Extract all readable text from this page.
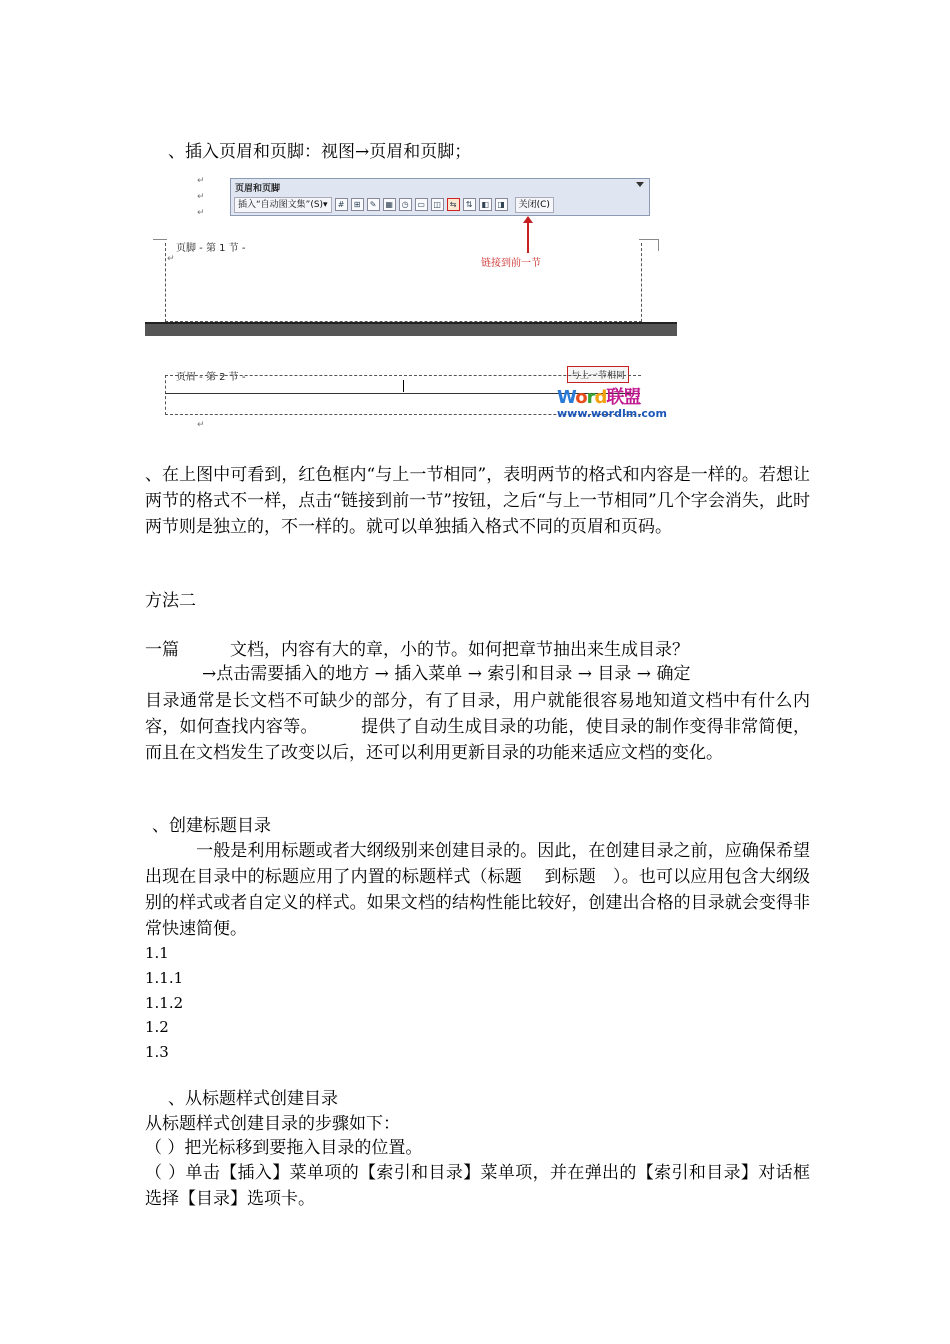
、插入页眉和页脚：视图→页眉和页脚；
↵
↵
↵
页眉和页脚
插入“自动图文集”(S)▾	#	⊞	✎	▦	◷	▭	◫	⇆	⇅	◧	◨	关闭(C)
链接到前一节
页脚 - 第 1 节 -
↵
页眉 - 第 2 节 -	与上一节相同
↵
Word联盟
www.wordlm.com
、在上图中可看到，红色框内“与上一节相同”，表明两节的格式和内容是一样的。若想让两节的格式不一样，点击“链接到前一节”按钮，之后“与上一节相同”几个字会消失，此时两节则是独立的，不一样的。就可以单独插入格式不同的页眉和页码。
方法二
一篇　　　文档，内容有大的章，小的节。如何把章节抽出来生成目录？
　　→点击需要插入的地方 → 插入菜单 → 索引和目录 → 目录 → 确定
目录通常是长文档不可缺少的部分，有了目录，用户就能很容易地知道文档中有什么内容，如何查找内容等。　　　提供了自动生成目录的功能，使目录的制作变得非常简便，而且在文档发生了改变以后，还可以利用更新目录的功能来适应文档的变化。
、创建标题目录
　　　一般是利用标题或者大纲级别来创建目录的。因此，在创建目录之前，应确保希望出现在目录中的标题应用了内置的标题样式（标题　 到标题　）。也可以应用包含大纲级别的样式或者自定义的样式。如果文档的结构性能比较好，创建出合格的目录就会变得非常快速简便。
1.1
1.1.1
1.1.2
1.2
1.3
、从标题样式创建目录
从标题样式创建目录的步骤如下：
（ ）把光标移到要拖入目录的位置。
（ ）单击【插入】菜单项的【索引和目录】菜单项，并在弹出的【索引和目录】对话框选择【目录】选项卡。
